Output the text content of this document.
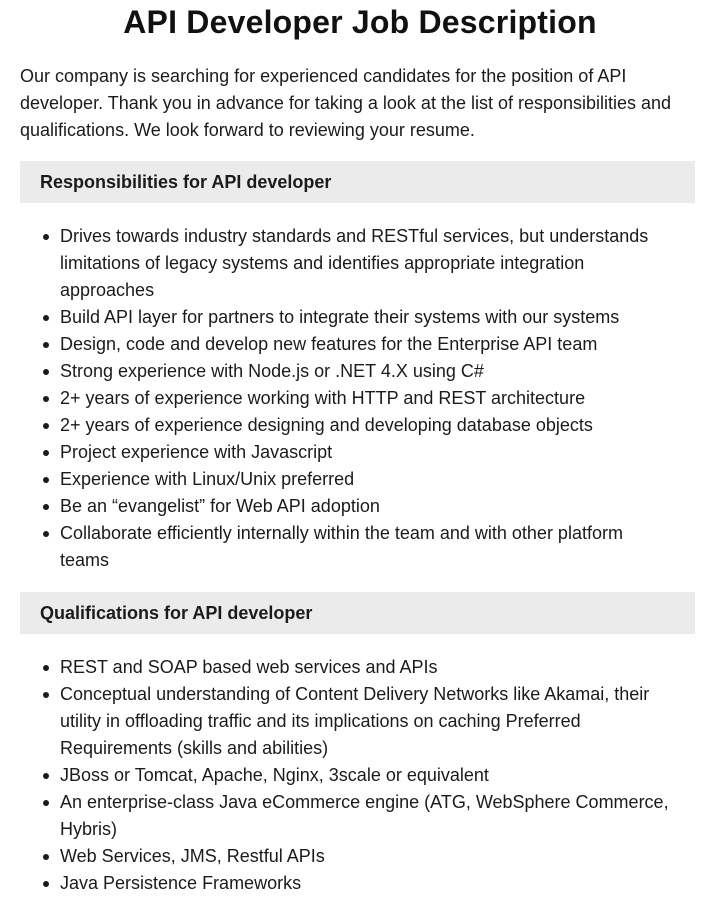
API Developer Job Description

Our company is searching for experienced candidates for the position of API developer. Thank you in advance for taking a look at the list of responsibilities and qualifications. We look forward to reviewing your resume.

Responsibilities for API developer
Drives towards industry standards and RESTful services, but understands limitations of legacy systems and identifies appropriate integration approaches
Build API layer for partners to integrate their systems with our systems
Design, code and develop new features for the Enterprise API team
Strong experience with Node.js or .NET 4.X using C#
2+ years of experience working with HTTP and REST architecture
2+ years of experience designing and developing database objects
Project experience with Javascript
Experience with Linux/Unix preferred
Be an “evangelist” for Web API adoption
Collaborate efficiently internally within the team and with other platform teams
Qualifications for API developer
REST and SOAP based web services and APIs
Conceptual understanding of Content Delivery Networks like Akamai, their utility in offloading traffic and its implications on caching Preferred Requirements (skills and abilities)
JBoss or Tomcat, Apache, Nginx, 3scale or equivalent
An enterprise-class Java eCommerce engine (ATG, WebSphere Commerce, Hybris)
Web Services, JMS, Restful APIs
Java Persistence Frameworks
